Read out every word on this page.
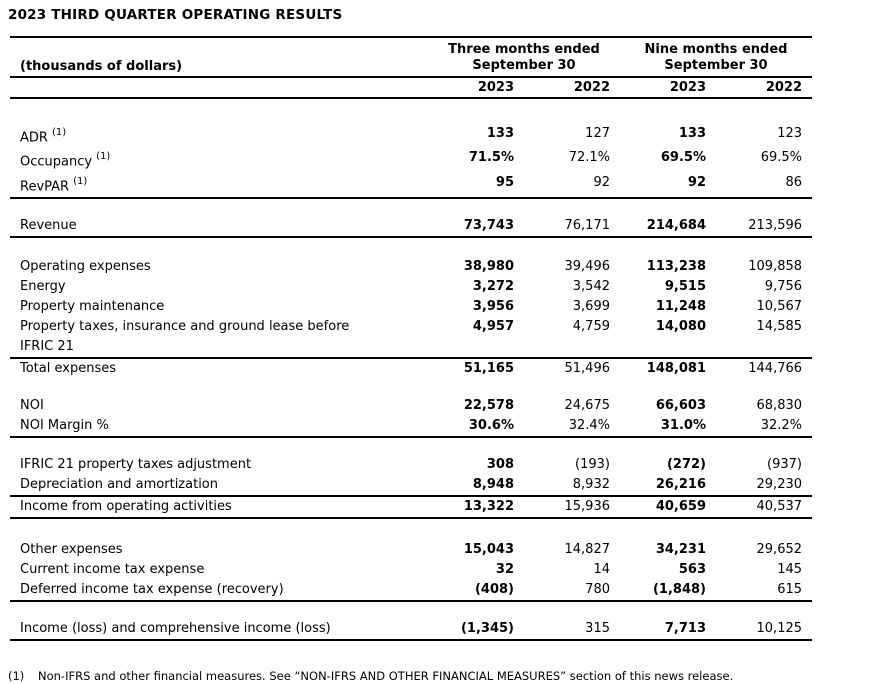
2023 THIRD QUARTER OPERATING RESULTS
(thousands of dollars)	Three months ended September 30		Nine months ended September 30	
	2023	2022	2023	2022

ADR $^{(1)}$	133	127	133	123
Occupancy $^{(1)}$	71.5%	72.1%	69.5%	69.5%
RevPAR $^{(1)}$	95	92	92	86

Revenue	73,743	76,171	214,684	213,596

Operating expenses	38,980	39,496	113,238	109,858
Energy	3,272	3,542	9,515	9,756
Property maintenance	3,956	3,699	11,248	10,567
Property taxes, insurance and ground lease before
IFRIC 21	4,957	4,759	14,080	14,585
Total expenses	51,165	51,496	148,081	144,766

NOI	22,578	24,675	66,603	68,830
NOI Margin %	30.6%	32.4%	31.0%	32.2%

IFRIC 21 property taxes adjustment	308	(193)	(272)	(937)
Depreciation and amortization	8,948	8,932	26,216	29,230
Income from operating activities	13,322	15,936	40,659	40,537

Other expenses	15,043	14,827	34,231	29,652
Current income tax expense	32	14	563	145
Deferred income tax expense (recovery)	(408)	780	(1,848)	615

Income (loss) and comprehensive income (loss)	(1,345)	315	7,713	10,125
(1)	Non-IFRS and other financial measures. See “NON-IFRS AND OTHER FINANCIAL MEASURES” section of this news release.
